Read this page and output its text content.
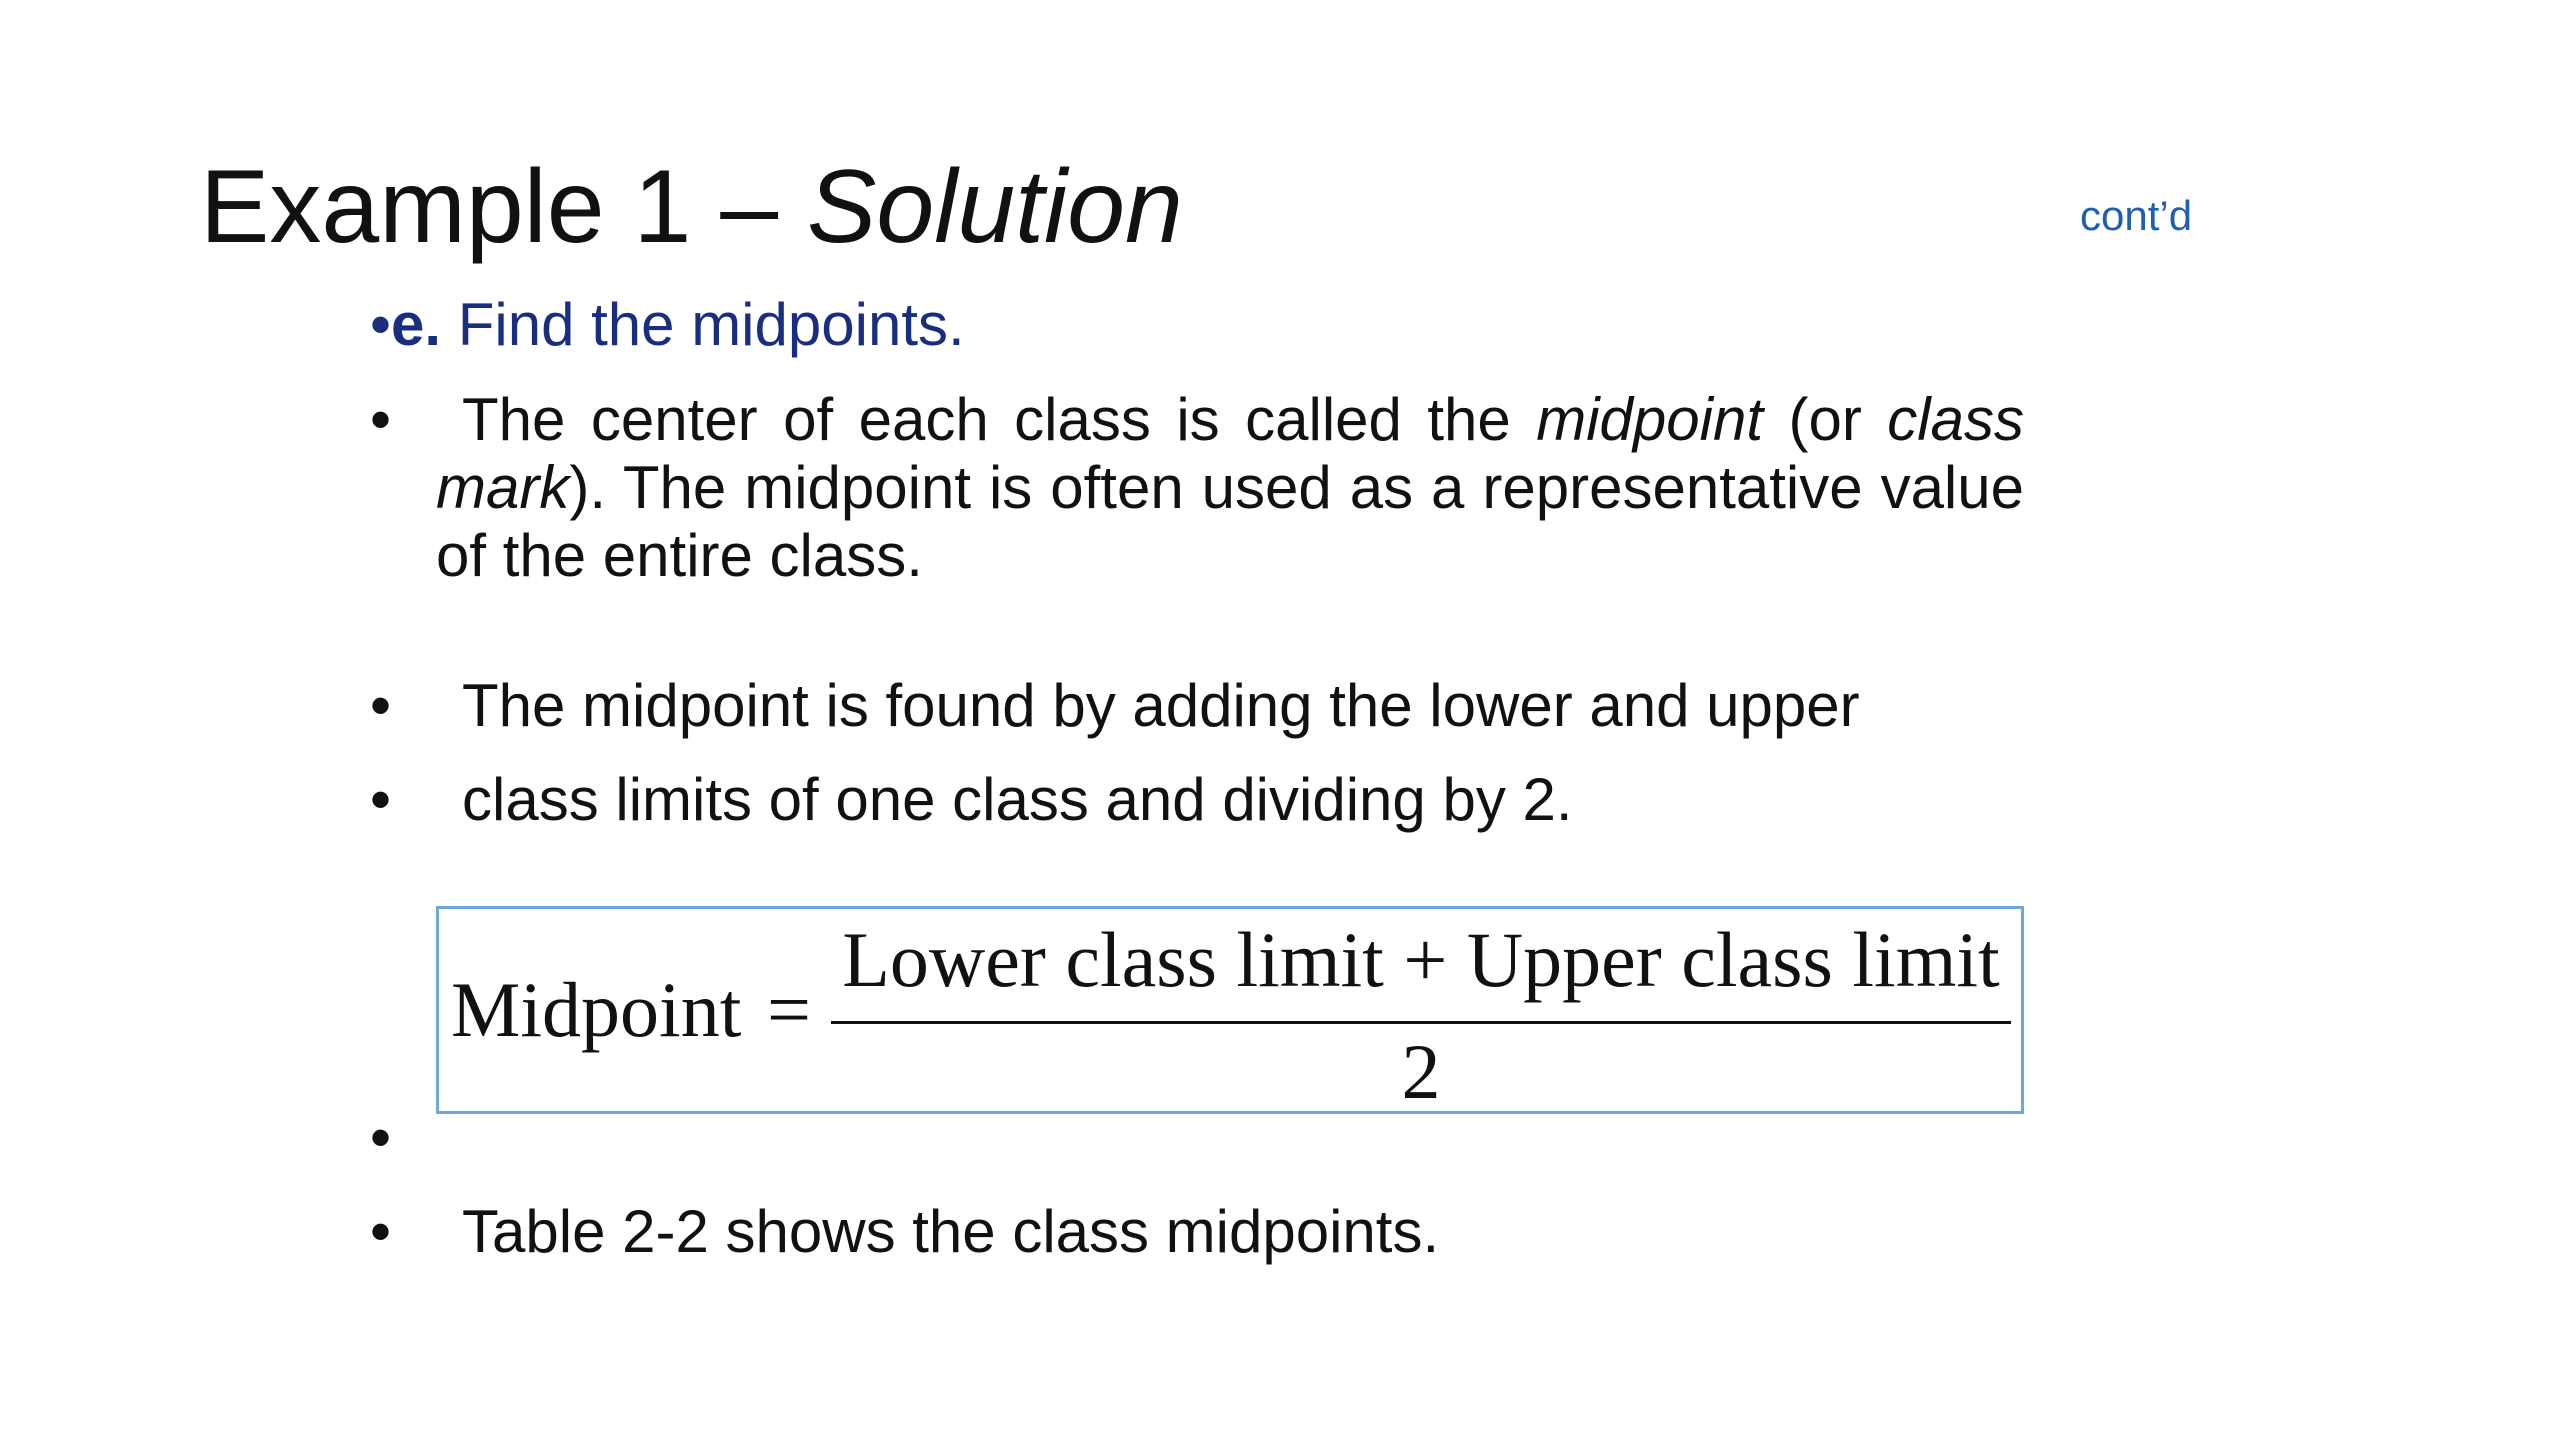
Example 1 – Solution	cont’d
•e. Find the midpoints.
•	The center of each class is called the midpoint (or class mark). The midpoint is often used as a representative value of the entire class.
•	The midpoint is found by adding the lower and upper
•	class limits of one class and dividing by 2.
Midpoint =
Lower class limit + Upper class limit
2
•
•	Table 2-2 shows the class midpoints.
